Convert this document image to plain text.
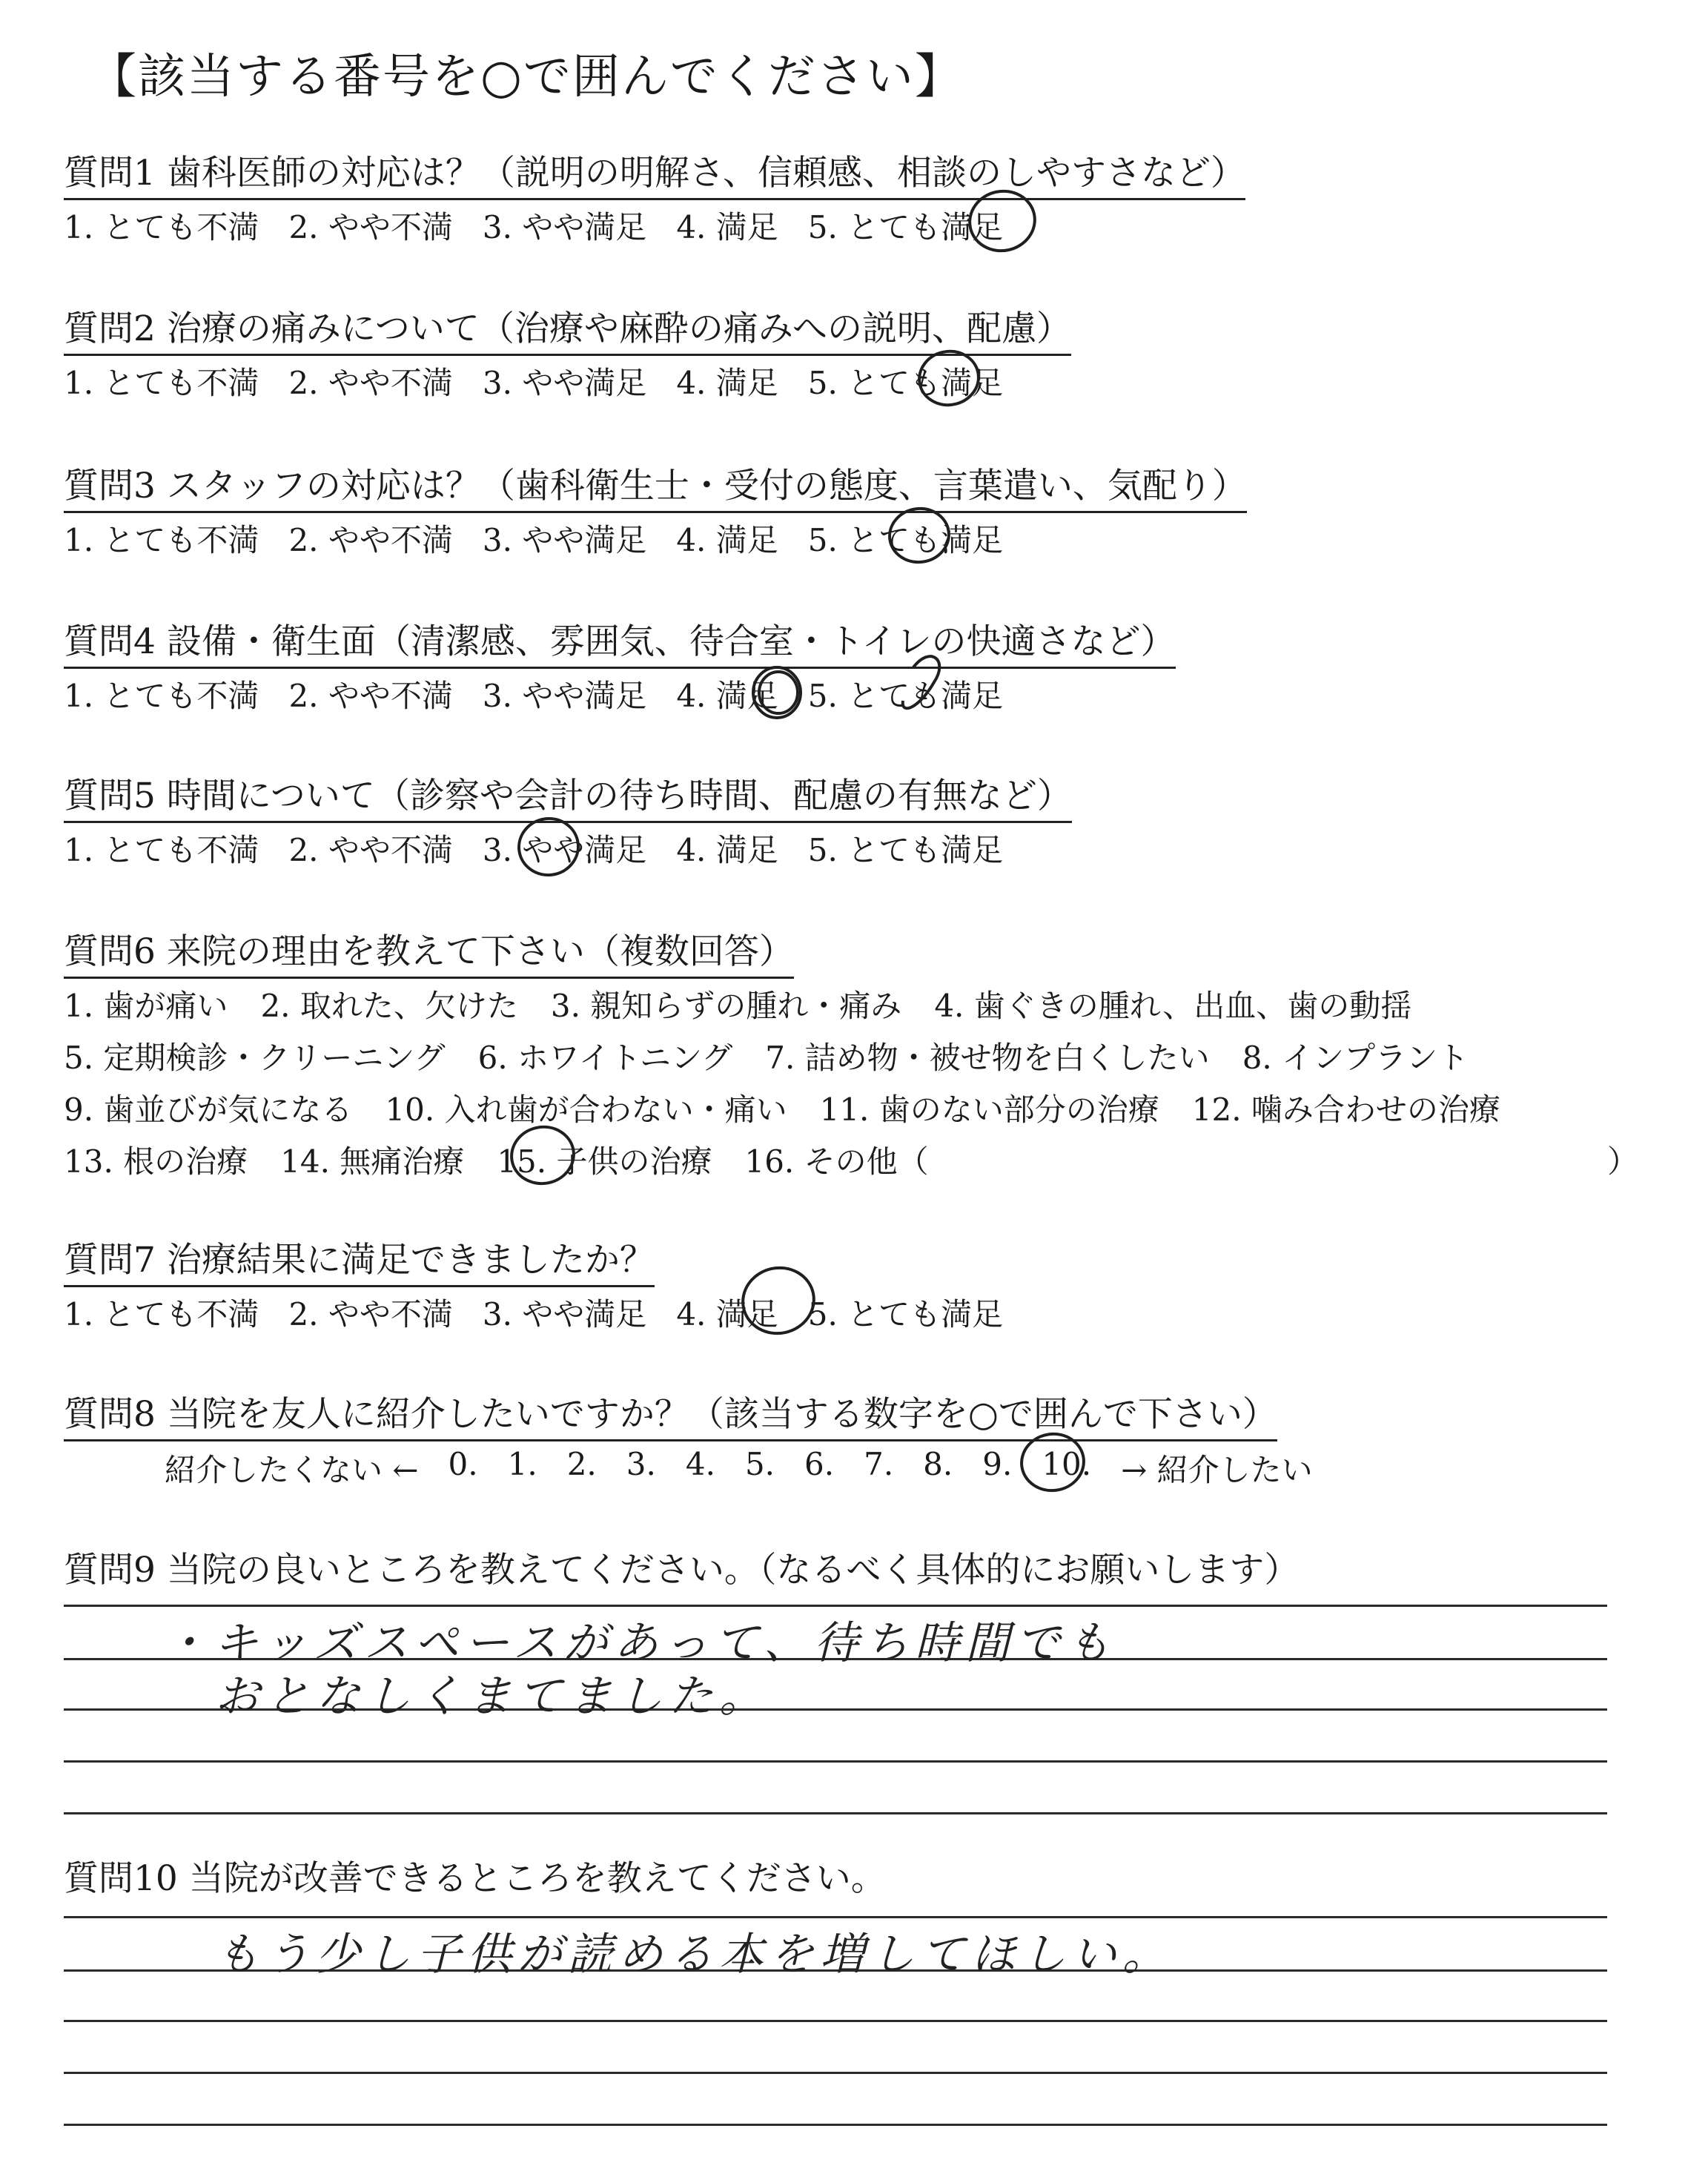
【該当する番号を○で囲んでください】
質問1 歯科医師の対応は？（説明の明解さ、信頼感、相談のしやすさなど）
1. とても不満 2. やや不満 3. やや満足 4. 満足 5. とても満足
質問2 治療の痛みについて（治療や麻酔の痛みへの説明、配慮）
1. とても不満 2. やや不満 3. やや満足 4. 満足 5. とても満足
質問3 スタッフの対応は？（歯科衛生士・受付の態度、言葉遣い、気配り）
1. とても不満 2. やや不満 3. やや満足 4. 満足 5. とても満足
質問4 設備・衛生面（清潔感、雰囲気、待合室・トイレの快適さなど）
1. とても不満 2. やや不満 3. やや満足 4. 満足 5. とても満足
質問5 時間について（診察や会計の待ち時間、配慮の有無など）
1. とても不満 2. やや不満 3. やや満足 4. 満足 5. とても満足
質問6 来院の理由を教えて下さい（複数回答）
1. 歯が痛い 2. 取れた、欠けた 3. 親知らずの腫れ・痛み 4. 歯ぐきの腫れ、出血、歯の動揺
5. 定期検診・クリーニング 6. ホワイトニング 7. 詰め物・被せ物を白くしたい 8. インプラント
9. 歯並びが気になる 10. 入れ歯が合わない・痛い 11. 歯のない部分の治療 12. 噛み合わせの治療
13. 根の治療 14. 無痛治療 15. 子供の治療 16. その他（	）
質問7 治療結果に満足できましたか？
1. とても不満 2. やや不満 3. やや満足 4. 満足 5. とても満足
質問8 当院を友人に紹介したいですか？（該当する数字を○で囲んで下さい）
紹介したくない ← 0. 1. 2. 3. 4. 5. 6. 7. 8. 9. 10. → 紹介したい
質問9 当院の良いところを教えてください。（なるべく具体的にお願いします）
・キッズスペースがあって、待ち時間でも
おとなしくまてました。
質問10 当院が改善できるところを教えてください。
もう少し子供が読める本を増してほしい。
